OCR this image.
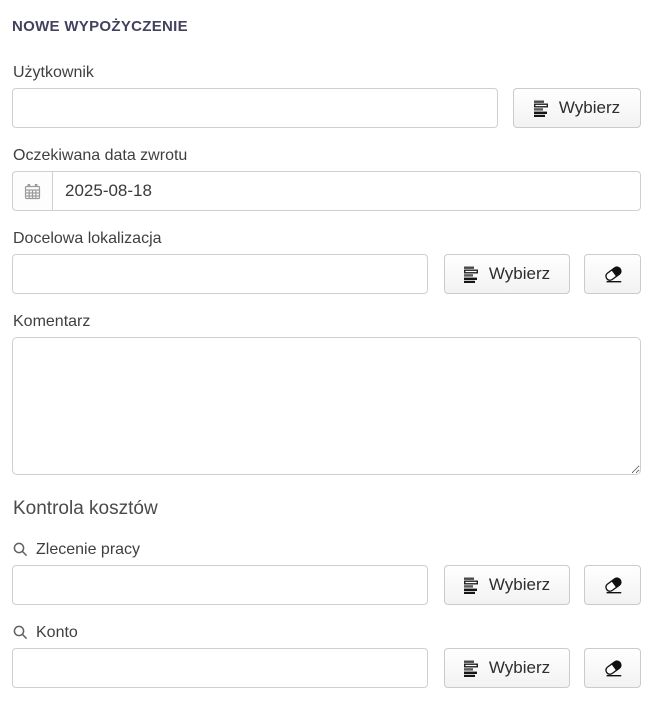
NOWE WYPOŻYCZENIE
Użytkownik
Wybierz
Oczekiwana data zwrotu
2025-08-18
Docelowa lokalizacja
Wybierz
Komentarz
Kontrola kosztów
Zlecenie pracy
Wybierz
Konto
Wybierz
